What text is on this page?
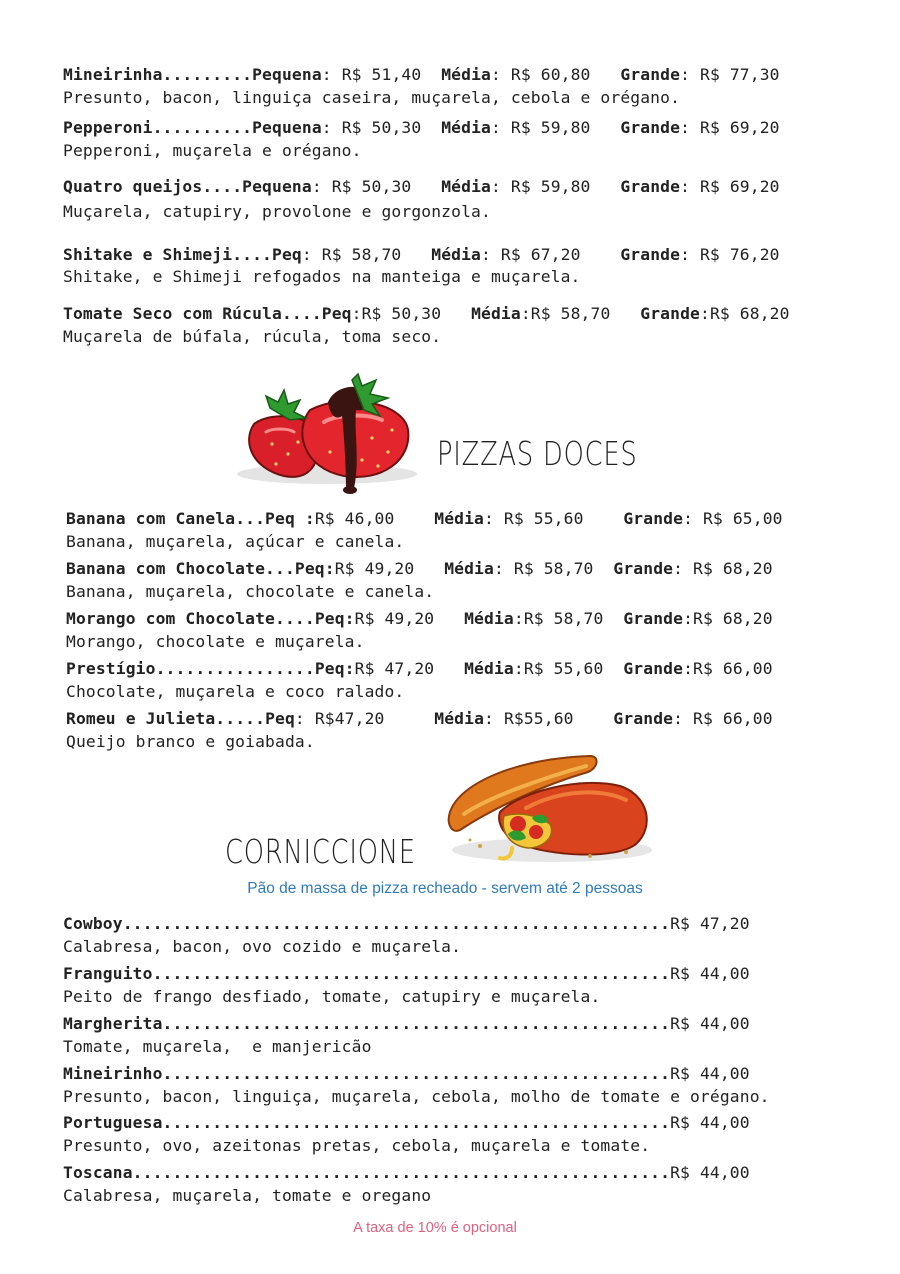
Mineirinha.........Pequena: R$ 51,40 Média: R$ 60,80 Grande: R$ 77,30
Presunto, bacon, linguiça caseira, muçarela, cebola e orégano.
Pepperoni..........Pequena: R$ 50,30 Média: R$ 59,80 Grande: R$ 69,20
Pepperoni, muçarela e orégano.
Quatro queijos....Pequena: R$ 50,30 Média: R$ 59,80 Grande: R$ 69,20
Muçarela, catupiry, provolone e gorgonzola.
Shitake e Shimeji....Peq: R$ 58,70 Média: R$ 67,20 Grande: R$ 76,20
Shitake, e Shimeji refogados na manteiga e muçarela.
Tomate Seco com Rúcula....Peq:R$ 50,30 Média:R$ 58,70 Grande:R$ 68,20
Muçarela de búfala, rúcula, toma seco.
PIZZAS DOCES
Banana com Canela...Peq :R$ 46,00 Média: R$ 55,60 Grande: R$ 65,00
Banana, muçarela, açúcar e canela.
Banana com Chocolate...Peq:R$ 49,20 Média: R$ 58,70 Grande: R$ 68,20
Banana, muçarela, chocolate e canela.
Morango com Chocolate....Peq:R$ 49,20 Média:R$ 58,70 Grande:R$ 68,20
Morango, chocolate e muçarela.
Prestígio................Peq:R$ 47,20 Média:R$ 55,60 Grande:R$ 66,00
Chocolate, muçarela e coco ralado.
Romeu e Julieta.....Peq: R$47,20	Média: R$55,60 Grande: R$ 66,00
Queijo branco e goiabada.
CORNICCIONE
Pão de massa de pizza recheado - servem até 2 pessoas
Cowboy.......................................................R$ 47,20
Calabresa, bacon, ovo cozido e muçarela.
Franguito....................................................R$ 44,00
Peito de frango desfiado, tomate, catupiry e muçarela.
Margherita...................................................R$ 44,00
Tomate, muçarela,  e manjericão
Mineirinho...................................................R$ 44,00
Presunto, bacon, linguiça, muçarela, cebola, molho de tomate e orégano.
Portuguesa...................................................R$ 44,00
Presunto, ovo, azeitonas pretas, cebola, muçarela e tomate.
Toscana......................................................R$ 44,00
Calabresa, muçarela, tomate e oregano
A taxa de 10% é opcional
